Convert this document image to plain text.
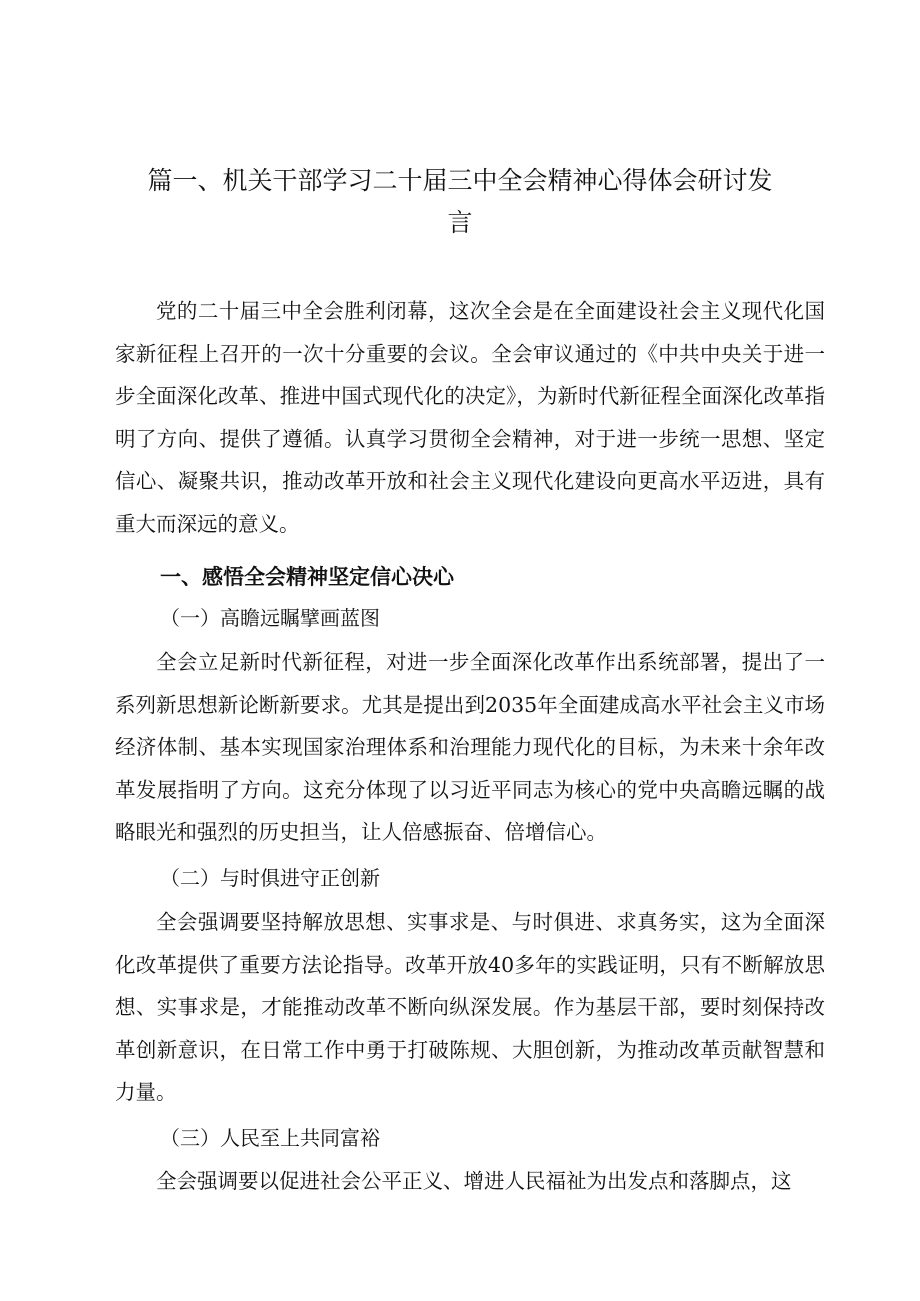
篇一、机关干部学习二十届三中全会精神心得体会研讨发言

党的二十届三中全会胜利闭幕，这次全会是在全面建设社会主义现代化国家新征程上召开的一次十分重要的会议。全会审议通过的《中共中央关于进一步全面深化改革、推进中国式现代化的决定》，为新时代新征程全面深化改革指明了方向、提供了遵循。认真学习贯彻全会精神，对于进一步统一思想、坚定信心、凝聚共识，推动改革开放和社会主义现代化建设向更高水平迈进，具有重大而深远的意义。

一、感悟全会精神坚定信心决心
（一）高瞻远瞩擘画蓝图

全会立足新时代新征程，对进一步全面深化改革作出系统部署，提出了一系列新思想新论断新要求。尤其是提出到2035年全面建成高水平社会主义市场经济体制、基本实现国家治理体系和治理能力现代化的目标，为未来十余年改革发展指明了方向。这充分体现了以习近平同志为核心的党中央高瞻远瞩的战略眼光和强烈的历史担当，让人倍感振奋、倍增信心。

（二）与时俱进守正创新

全会强调要坚持解放思想、实事求是、与时俱进、求真务实，这为全面深化改革提供了重要方法论指导。改革开放40多年的实践证明，只有不断解放思想、实事求是，才能推动改革不断向纵深发展。作为基层干部，要时刻保持改革创新意识，在日常工作中勇于打破陈规、大胆创新，为推动改革贡献智慧和力量。

（三）人民至上共同富裕

全会强调要以促进社会公平正义、增进人民福祉为出发点和落脚点，这
